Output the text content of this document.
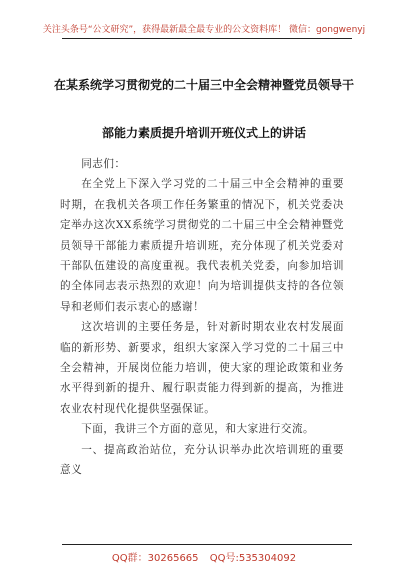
关注头条号“公文研究”，获得最新最全最专业的公文资料库！ 微信：gongwenyj
在某系统学习贯彻党的二十届三中全会精神暨党员领导干
部能力素质提升培训开班仪式上的讲话

同志们：

在全党上下深入学习党的二十届三中全会精神的重要时期，在我机关各项工作任务繁重的情况下，机关党委决定举办这次XX系统学习贯彻党的二十届三中全会精神暨党员领导干部能力素质提升培训班，充分体现了机关党委对干部队伍建设的高度重视。我代表机关党委，向参加培训的全体同志表示热烈的欢迎！向为培训提供支持的各位领导和老师们表示衷心的感谢！

这次培训的主要任务是，针对新时期农业农村发展面临的新形势、新要求，组织大家深入学习党的二十届三中全会精神，开展岗位能力培训，使大家的理论政策和业务水平得到新的提升、履行职责能力得到新的提高，为推进农业农村现代化提供坚强保证。

下面，我讲三个方面的意见，和大家进行交流。

一、提高政治站位，充分认识举办此次培训班的重要意义

QQ群：30265665 QQ号:535304092
